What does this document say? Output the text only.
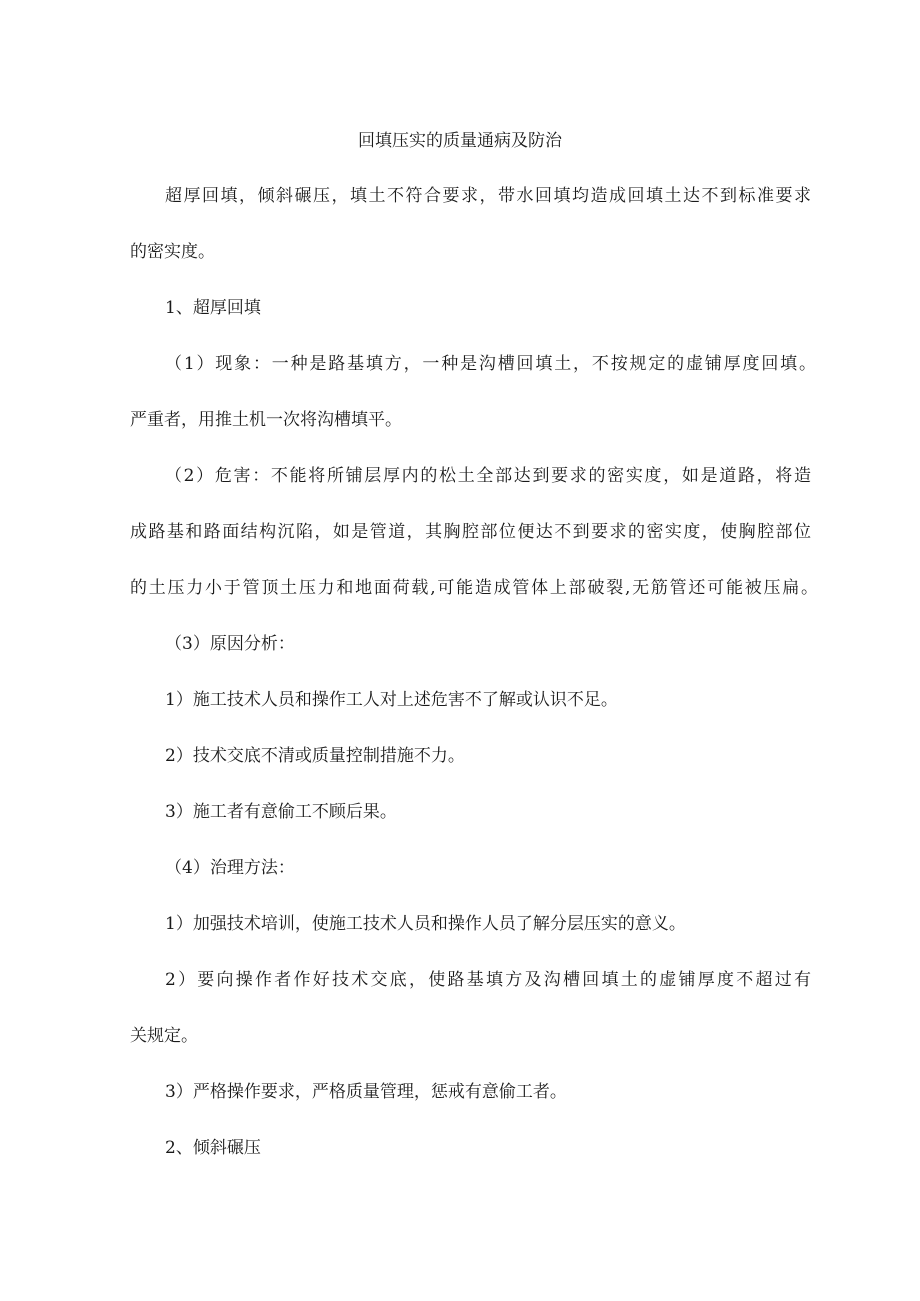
回填压实的质量通病及防治
超厚回填，倾斜碾压，填土不符合要求，带水回填均造成回填土达不到标准要求
的密实度。
1、超厚回填
（1）现象：一种是路基填方，一种是沟槽回填土，不按规定的虚铺厚度回填。
严重者，用推土机一次将沟槽填平。
（2）危害：不能将所铺层厚内的松土全部达到要求的密实度，如是道路，将造
成路基和路面结构沉陷，如是管道，其胸腔部位便达不到要求的密实度，使胸腔部位
的土压力小于管顶土压力和地面荷载,可能造成管体上部破裂,无筋管还可能被压扁。
（3）原因分析：
1）施工技术人员和操作工人对上述危害不了解或认识不足。
2）技术交底不清或质量控制措施不力。
3）施工者有意偷工不顾后果。
（4）治理方法：
1）加强技术培训，使施工技术人员和操作人员了解分层压实的意义。
2）要向操作者作好技术交底，使路基填方及沟槽回填土的虚铺厚度不超过有
关规定。
3）严格操作要求，严格质量管理，惩戒有意偷工者。
2、倾斜碾压
